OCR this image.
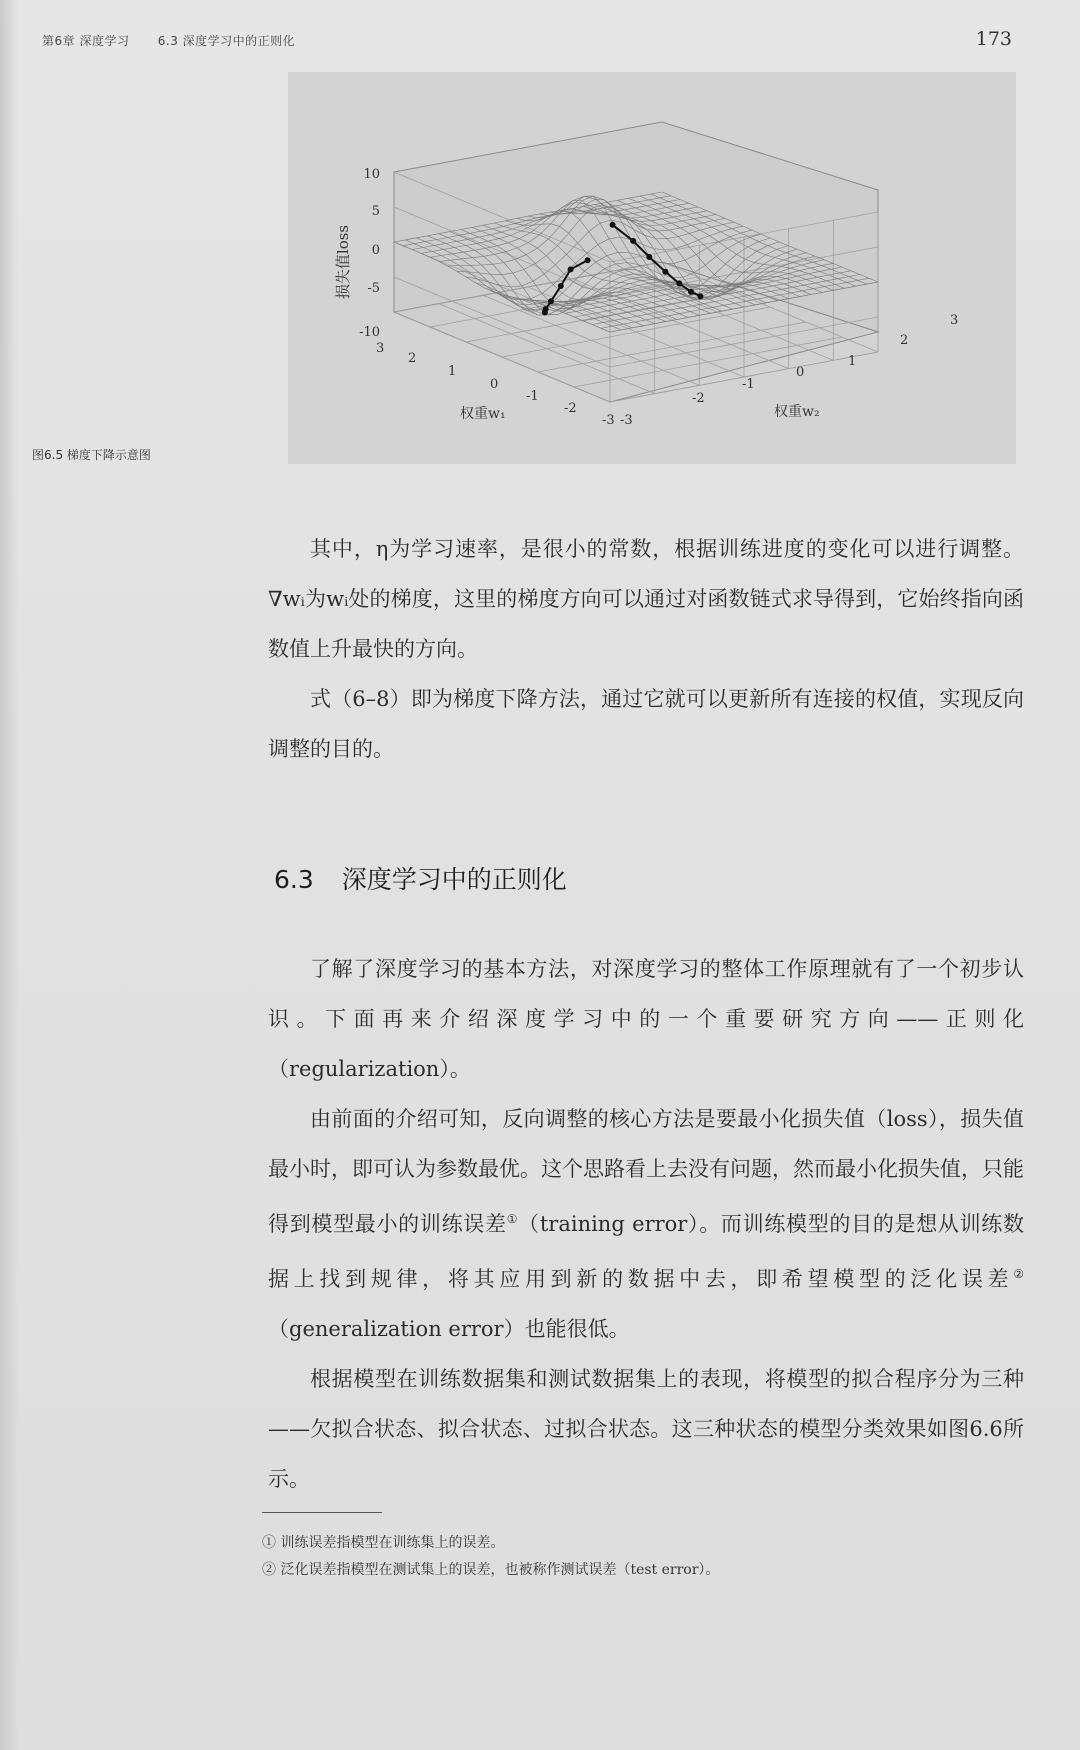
第6章 深度学习 6.3 深度学习中的正则化	173
损失值loss
10
5
0
-5
-10
3
2
1
0
-1
-2
-3 -3
-2
-1
0
1
2
3
权重w₁	权重w₂
图6.5 梯度下降示意图

其中，η为学习速率，是很小的常数，根据训练进度的变化可以进行调整。∇wᵢ为wᵢ处的梯度，这里的梯度方向可以通过对函数链式求导得到，它始终指向函数值上升最快的方向。

式（6–8）即为梯度下降方法，通过它就可以更新所有连接的权值，实现反向调整的目的。

6.3 深度学习中的正则化

了解了深度学习的基本方法，对深度学习的整体工作原理就有了一个初步认识。下面再来介绍深度学习中的一个重要研究方向——正则化（regularization）。

由前面的介绍可知，反向调整的核心方法是要最小化损失值（loss），损失值最小时，即可认为参数最优。这个思路看上去没有问题，然而最小化损失值，只能得到模型最小的训练误差①（training error）。而训练模型的目的是想从训练数据上找到规律，将其应用到新的数据中去，即希望模型的泛化误差②（generalization error）也能很低。

根据模型在训练数据集和测试数据集上的表现，将模型的拟合程序分为三种——欠拟合状态、拟合状态、过拟合状态。这三种状态的模型分类效果如图6.6所示。

① 训练误差指模型在训练集上的误差。
② 泛化误差指模型在测试集上的误差，也被称作测试误差（test error）。
